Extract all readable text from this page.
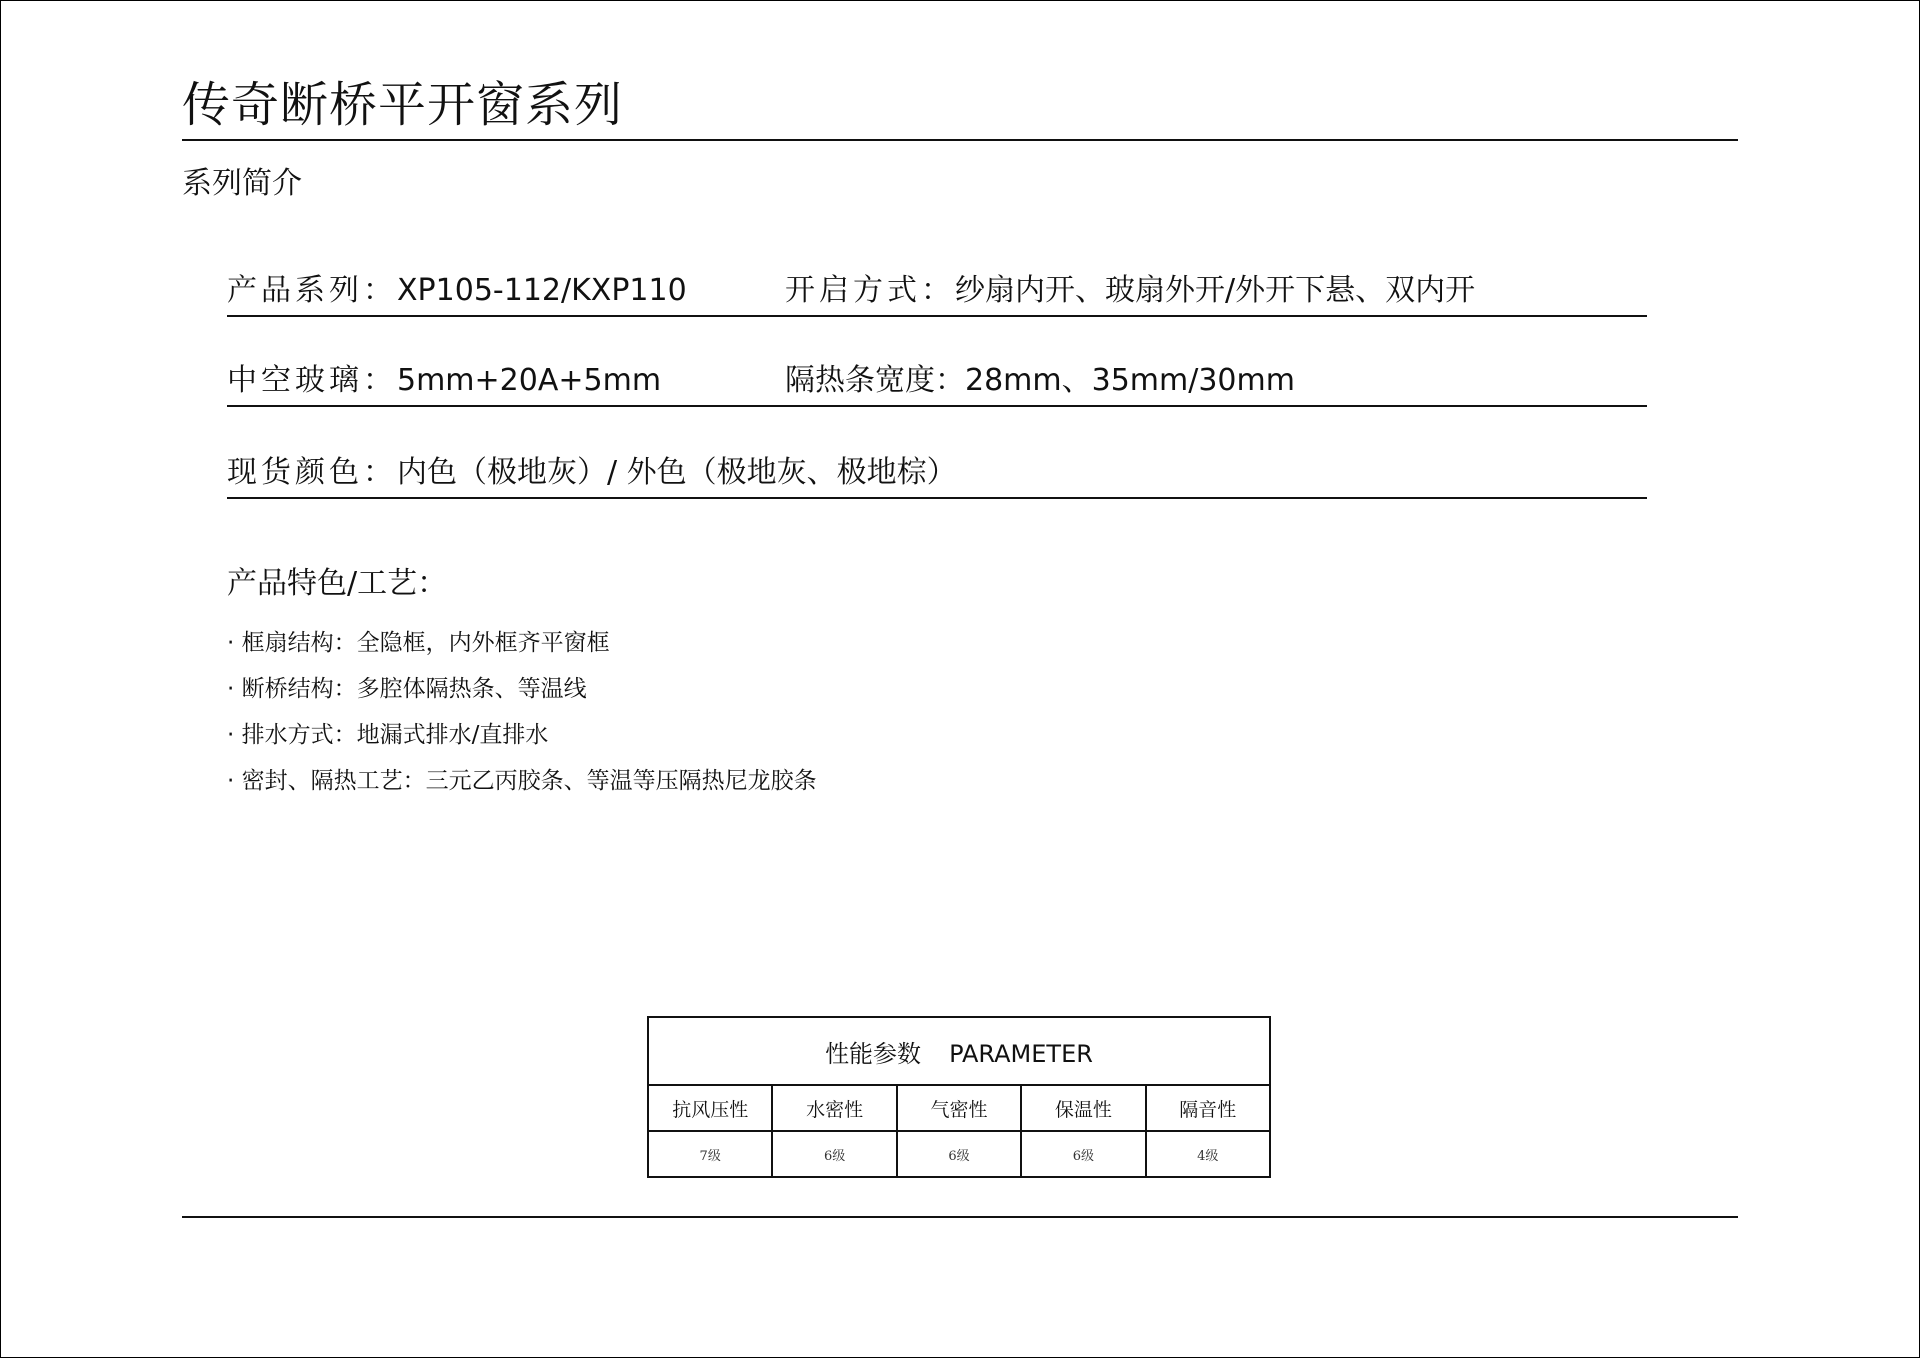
传奇断桥平开窗系列
系列简介
产品系列：XP105-112/KXP110	开启方式：纱扇内开、玻扇外开/外开下悬、双内开
中空玻璃：5mm+20A+5mm	隔热条宽度：28mm、35mm/30mm
现货颜色：内色（极地灰）/ 外色（极地灰、极地棕）
产品特色/工艺：
· 框扇结构：全隐框，内外框齐平窗框
· 断桥结构：多腔体隔热条、等温线
· 排水方式：地漏式排水/直排水
· 密封、隔热工艺：三元乙丙胶条、等温等压隔热尼龙胶条
性能参数 PARAMETER				
抗风压性	水密性	气密性	保温性	隔音性
7级	6级	6级	6级	4级
